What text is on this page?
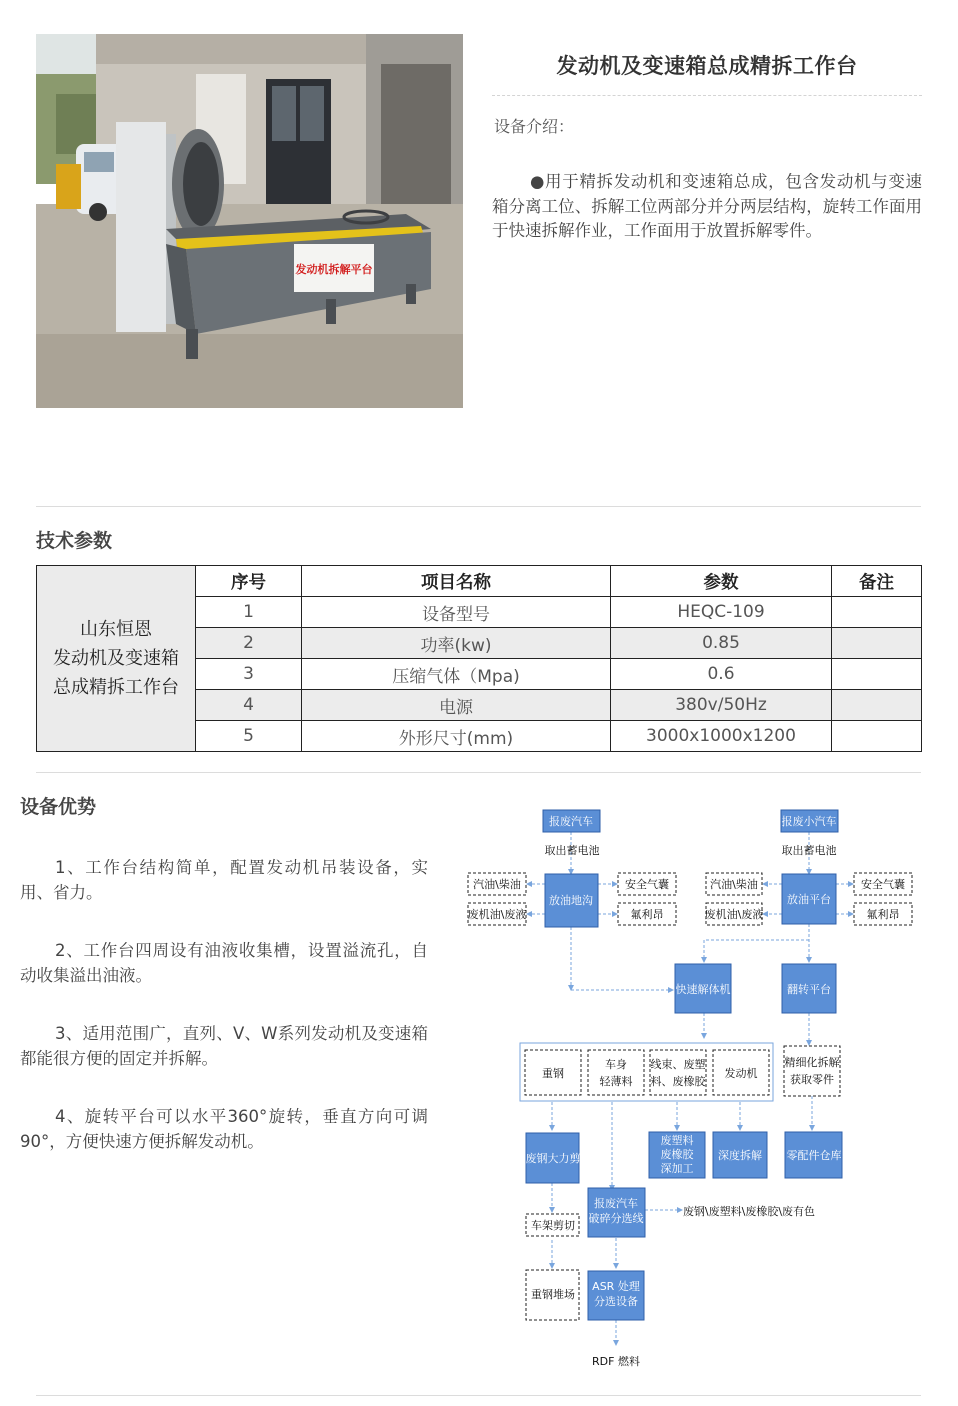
发动机拆解平台
发动机及变速箱总成精拆工作台
设备介绍：
●用于精拆发动机和变速箱总成，包含发动机与变速箱分离工位、拆解工位两部分并分两层结构，旋转工作面用于快速拆解作业，工作面用于放置拆解零件。
技术参数
山东恒恩
发动机及变速箱
总成精拆工作台	序号	项目名称	参数	备注
	1	设备型号	HEQC-109	
	2	功率(kw)	0.85	
	3	压缩气体（Mpa)	0.6	
	4	电源	380v/50Hz	
	5	外形尺寸(mm)	3000x1000x1200	
设备优势

1、工作台结构简单，配置发动机吊装设备，实用、省力。

2、工作台四周设有油液收集槽，设置溢流孔，自动收集溢出油液。

3、适用范围广，直列、V、W系列发动机及变速箱都能很方便的固定并拆解。

4、旋转平台可以水平360°旋转，垂直方向可调90°，方便快速方便拆解发动机。

报废汽车	报废小汽车
取出蓄电池	取出蓄电池
放油地沟	放油平台
汽油\柴油
废机油\废液
安全气囊
氟利昂
汽油\柴油
废机油\废液
安全气囊
氟利昂
快速解体机	翻转平台
重钢
车身
轻薄料
线束、废塑
料、废橡胶
发动机
精细化拆解
获取零件
废钢大力剪
废塑料
废橡胶
深加工
深度拆解 零配件仓库
报废汽车
破碎分选线
废钢\废塑料\废橡胶\废有色
车架剪切
重钢堆场
ASR 处理
分选设备
RDF 燃料
